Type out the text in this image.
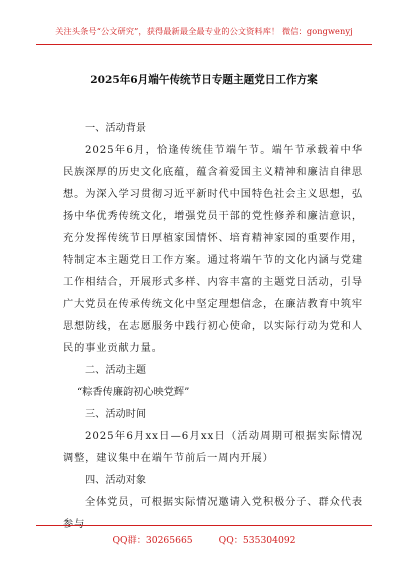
关注头条号“公文研究”，获得最新最全最专业的公文资料库！ 微信：gongwenyj
2025年6月端午传统节日专题主题党日工作方案
一、活动背景

2025年6月，恰逢传统佳节端午节。端午节承载着中华民族深厚的历史文化底蕴，蕴含着爱国主义精神和廉洁自律思想。为深入学习贯彻习近平新时代中国特色社会主义思想，弘扬中华优秀传统文化，增强党员干部的党性修养和廉洁意识，充分发挥传统节日厚植家国情怀、培育精神家园的重要作用，特制定本主题党日工作方案。通过将端午节的文化内涵与党建工作相结合，开展形式多样、内容丰富的主题党日活动，引导广大党员在传承传统文化中坚定理想信念，在廉洁教育中筑牢思想防线，在志愿服务中践行初心使命，以实际行动为党和人民的事业贡献力量。

二、活动主题
“粽香传廉韵初心映党辉”
三、活动时间

2025年6月xx日—6月xx日（活动周期可根据实际情况调整，建议集中在端午节前后一周内开展）

四、活动对象

全体党员，可根据实际情况邀请入党积极分子、群众代表参与

QQ群：30265665	QQ：535304092
